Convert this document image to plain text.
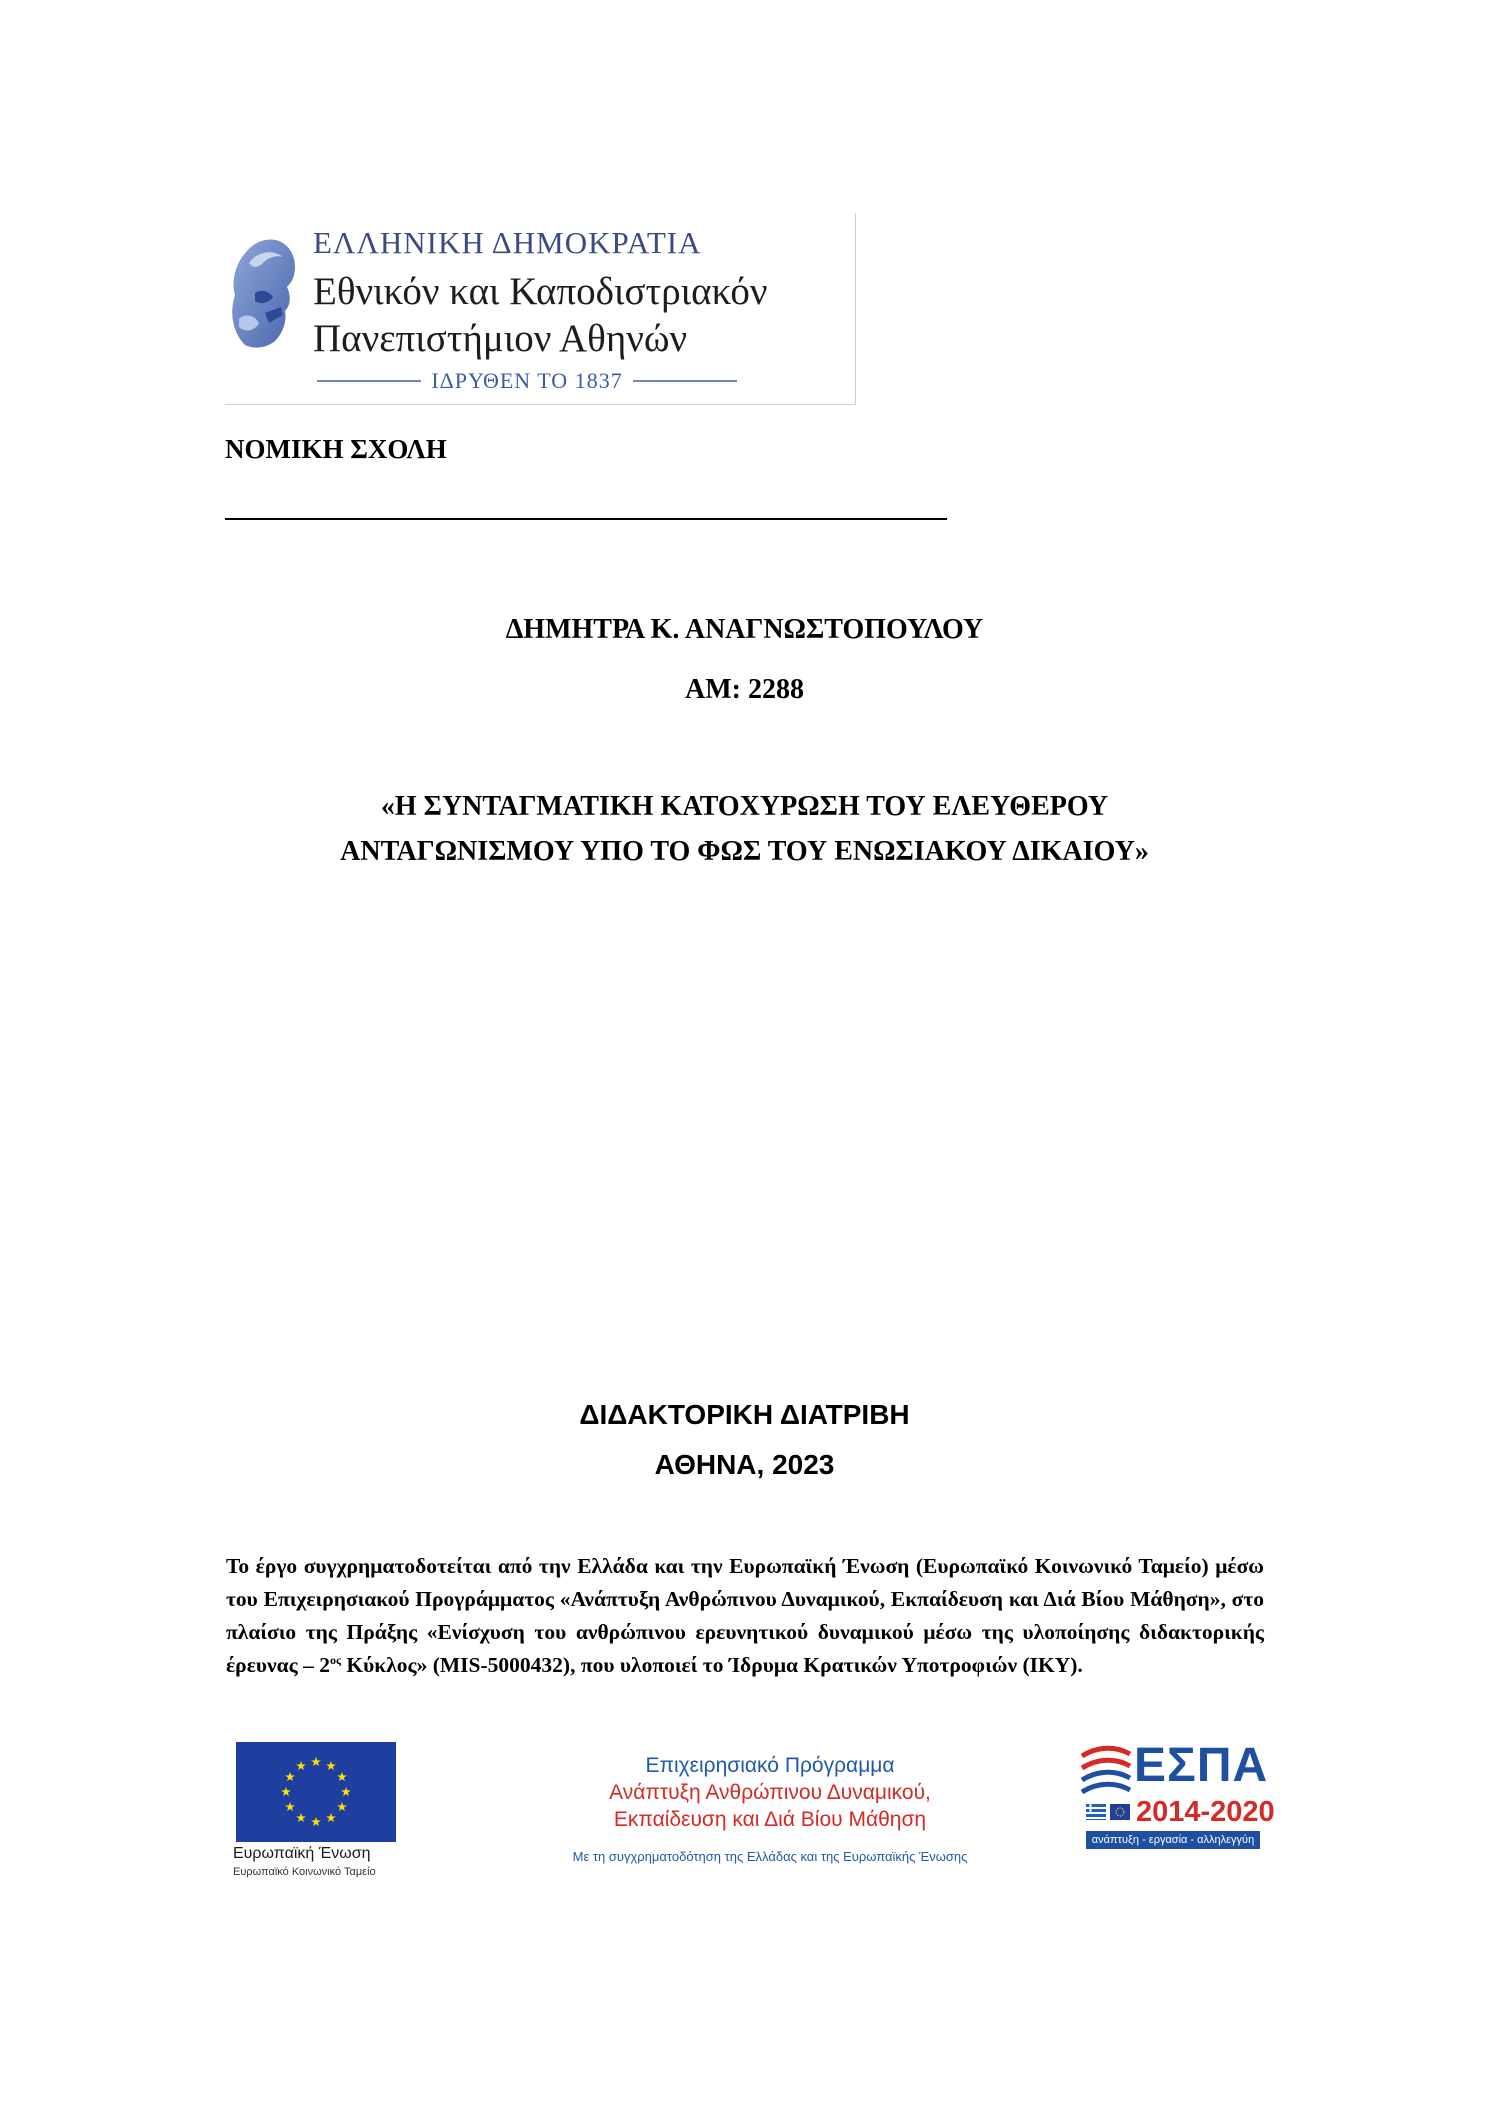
ΕΛΛΗΝΙΚΗ ΔΗΜΟΚΡΑΤΙΑ
Εθνικόν και Καποδιστριακόν
Πανεπιστήμιον Αθηνών
ΙΔΡΥΘΕΝ ΤΟ 1837
ΝΟΜΙΚΗ ΣΧΟΛΗ
ΔΗΜΗΤΡΑ Κ. ΑΝΑΓΝΩΣΤΟΠΟΥΛΟΥ
ΑΜ: 2288
«Η ΣΥΝΤΑΓΜΑΤΙΚΗ ΚΑΤΟΧΥΡΩΣΗ ΤΟΥ ΕΛΕΥΘΕΡΟΥ
ΑΝΤΑΓΩΝΙΣΜΟΥ ΥΠΟ ΤΟ ΦΩΣ ΤΟΥ ΕΝΩΣΙΑΚΟΥ ΔΙΚΑΙΟΥ»
ΔΙΔΑΚΤΟΡΙΚΗ ΔΙΑΤΡΙΒΗ
ΑΘΗΝΑ, 2023
Το έργο συγχρηματοδοτείται από την Ελλάδα και την Ευρωπαϊκή Ένωση (Ευρωπαϊκό Κοινωνικό Ταμείο) μέσω του Επιχειρησιακού Προγράμματος «Ανάπτυξη Ανθρώπινου Δυναμικού, Εκπαίδευση και Διά Βίου Μάθηση», στο πλαίσιο της Πράξης «Ενίσχυση του ανθρώπινου ερευνητικού δυναμικού μέσω της υλοποίησης διδακτορικής έρευνας – $2^{o\varsigma}$ Κύκλος» (MIS-5000432), που υλοποιεί το Ίδρυμα Κρατικών Υποτροφιών (ΙΚΥ).
Ευρωπαϊκή Ένωση
Ευρωπαϊκό Κοινωνικό Ταμείο
Επιχειρησιακό Πρόγραμμα
Ανάπτυξη Ανθρώπινου Δυναμικού,
Εκπαίδευση και Διά Βίου Μάθηση
Με τη συγχρηματοδότηση της Ελλάδας και της Ευρωπαϊκής Ένωσης
ΕΣΠΑ
2014-2020
ανάπτυξη - εργασία - αλληλεγγύη
